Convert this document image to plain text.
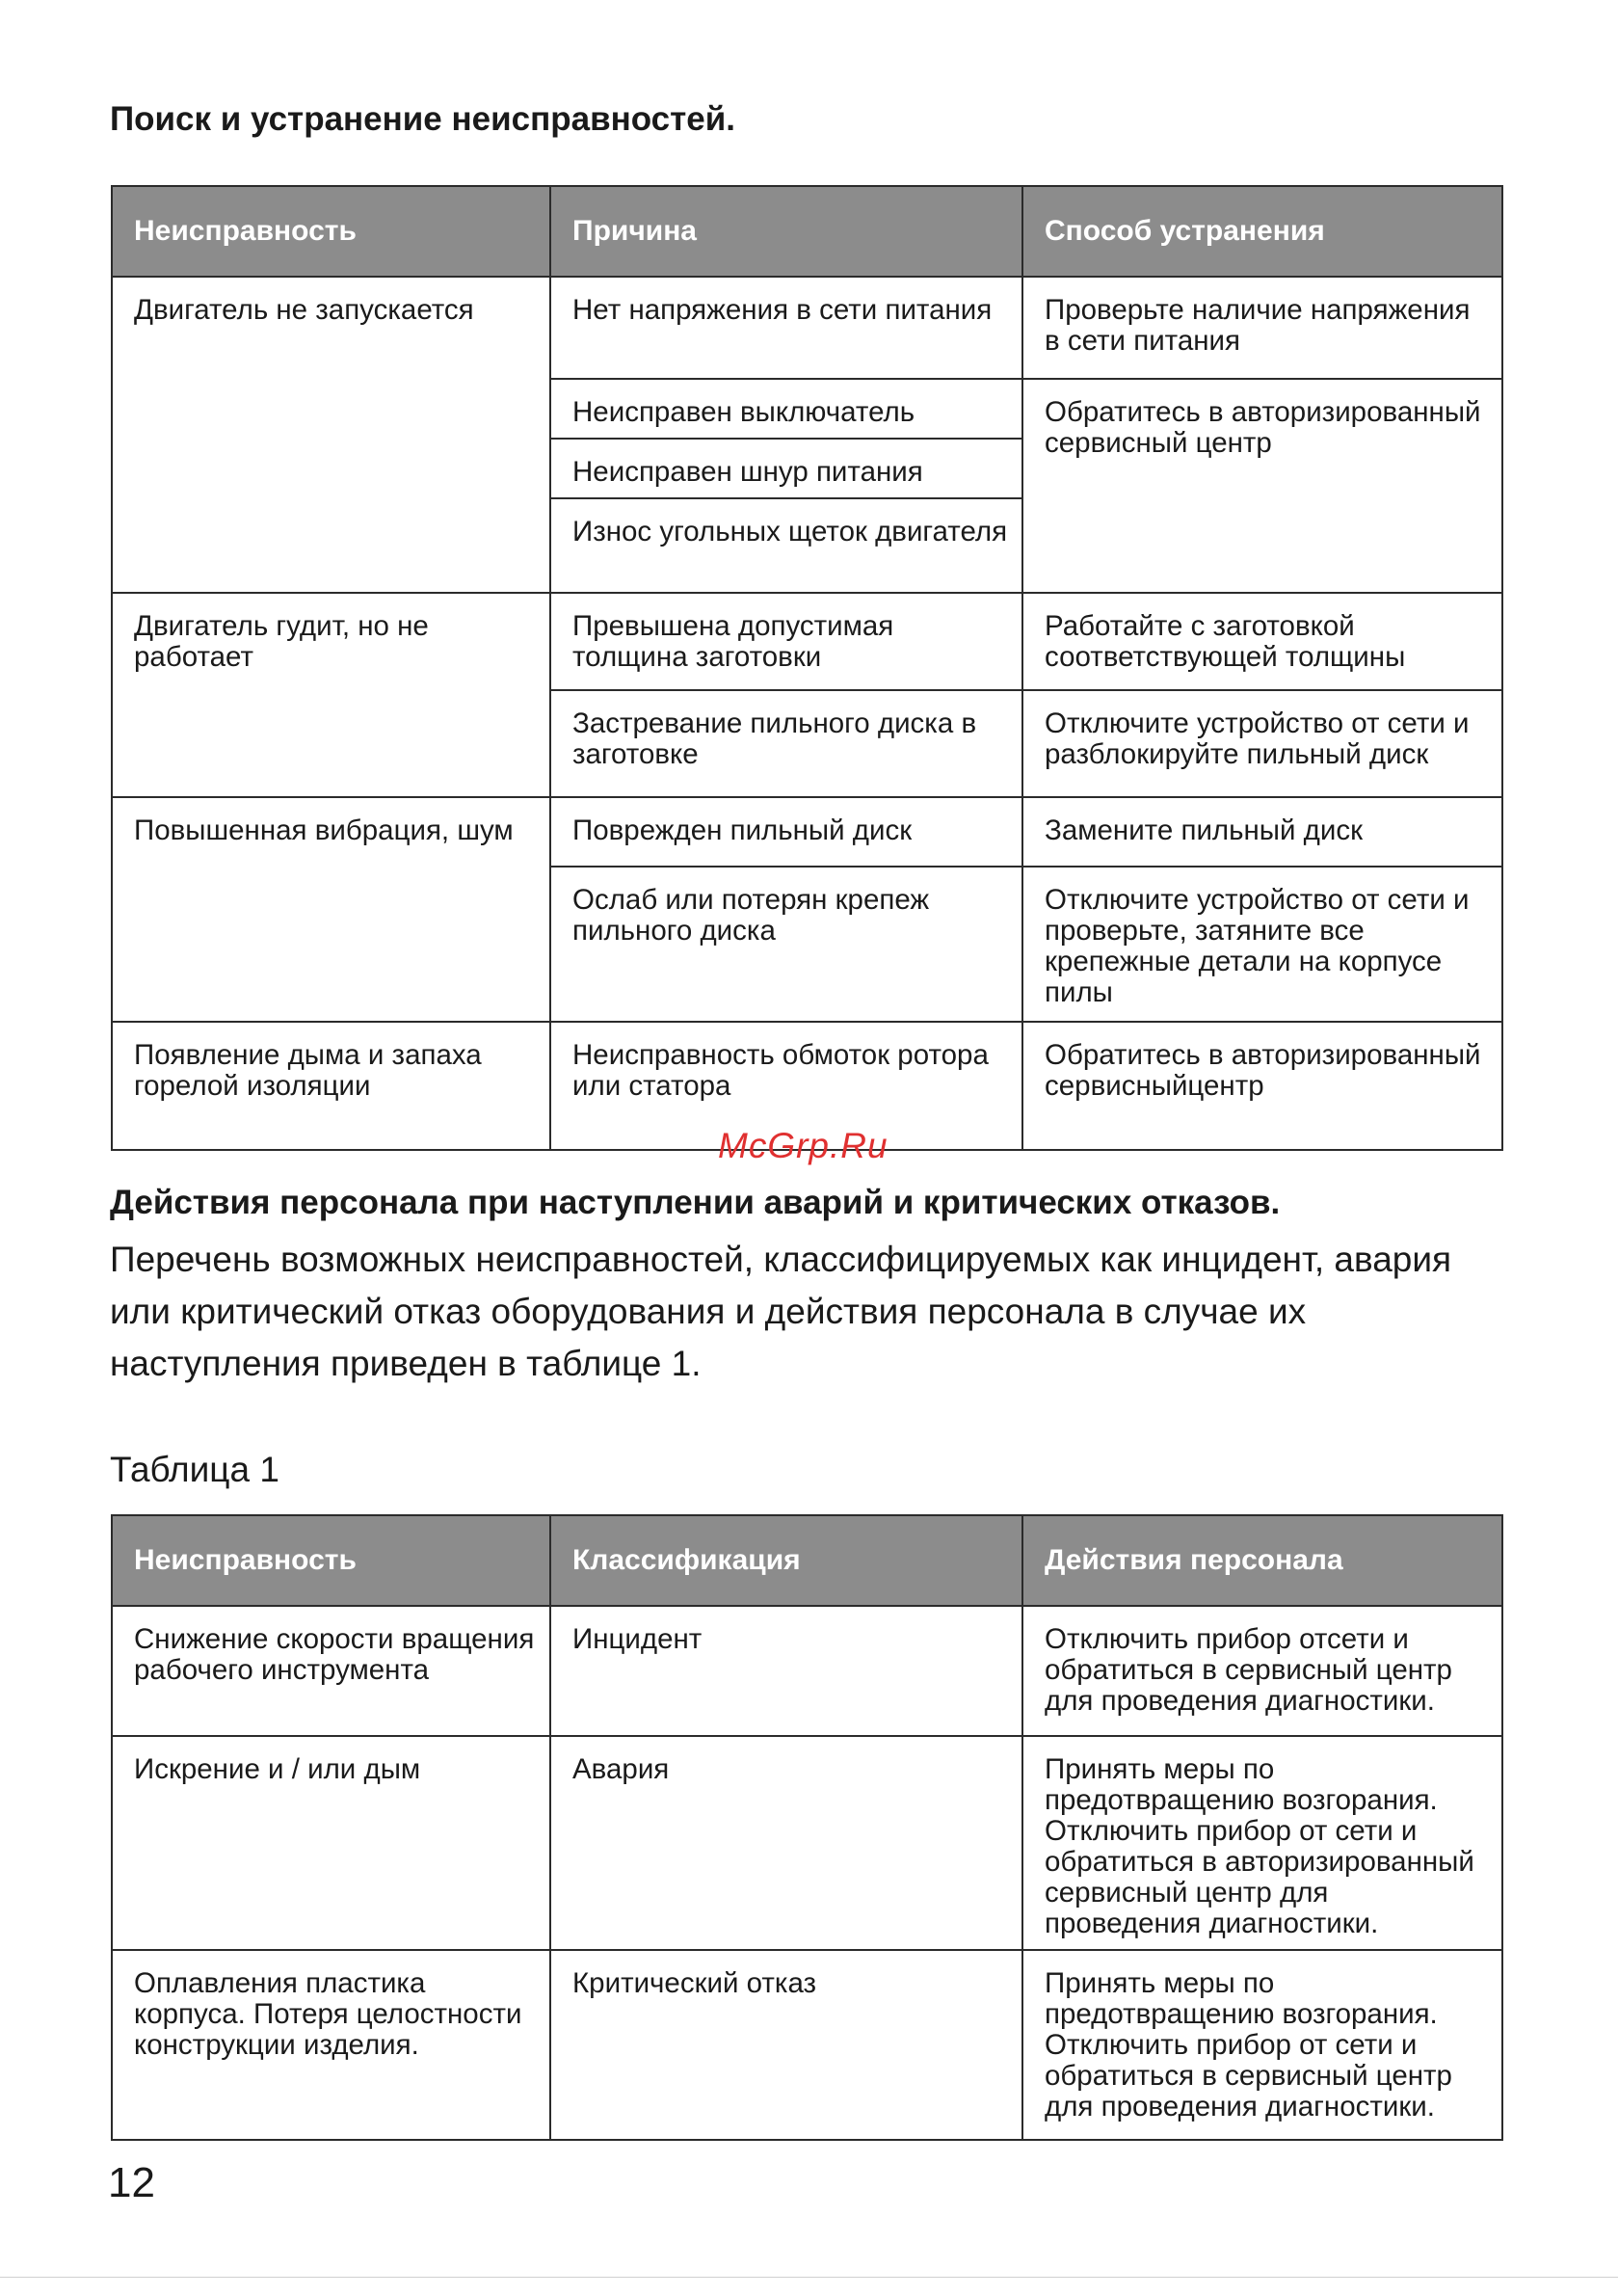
Поиск и устранение неисправностей.
Неисправность	Причина	Способ устранения
Двигатель не запускается	Нет напряжения в сети питания	Проверьте наличие напряжения в сети питания
	Неисправен выключатель	Обратитесь в авторизированный сервисный центр
	Неисправен шнур питания	
	Износ угольных щеток двигателя	
Двигатель гудит, но не работает	Превышена допустимая толщина заготовки	Работайте с заготовкой соответствующей толщины
	Застревание пильного диска в заготовке	Отключите устройство от сети и разблокируйте пильный диск
Повышенная вибрация, шум	Поврежден пильный диск	Замените пильный диск
	Ослаб или потерян крепеж пильного диска	Отключите устройство от сети и проверьте, затяните все крепежные детали на корпусе пилы
Появление дыма и запаха горелой изоляции	Неисправность обмоток ротора или статора	Обратитесь в авторизированный сервисныйцентр
McGrp.Ru
Действия персонала при наступлении аварий и критических отказов.

Перечень возможных неисправностей, классифицируемых как инцидент, авария или критический отказ оборудования и действия персонала в случае их наступления приведен в таблице 1.

Таблица 1

Неисправность	Классификация	Действия персонала
Снижение скорости вращения рабочего инструмента	Инцидент	Отключить прибор отсети и обратиться в сервисный центр для проведения диагностики.
Искрение и / или дым	Авария	Принять меры по предотвращению возгорания. Отключить прибор от сети и обратиться в авторизированный сервисный центр для проведения диагностики.
Оплавления пластика корпуса. Потеря целостности конструкции изделия.	Критический отказ	Принять меры по предотвращению возгорания. Отключить прибор от сети и обратиться в сервисный центр для проведения диагностики.
12
